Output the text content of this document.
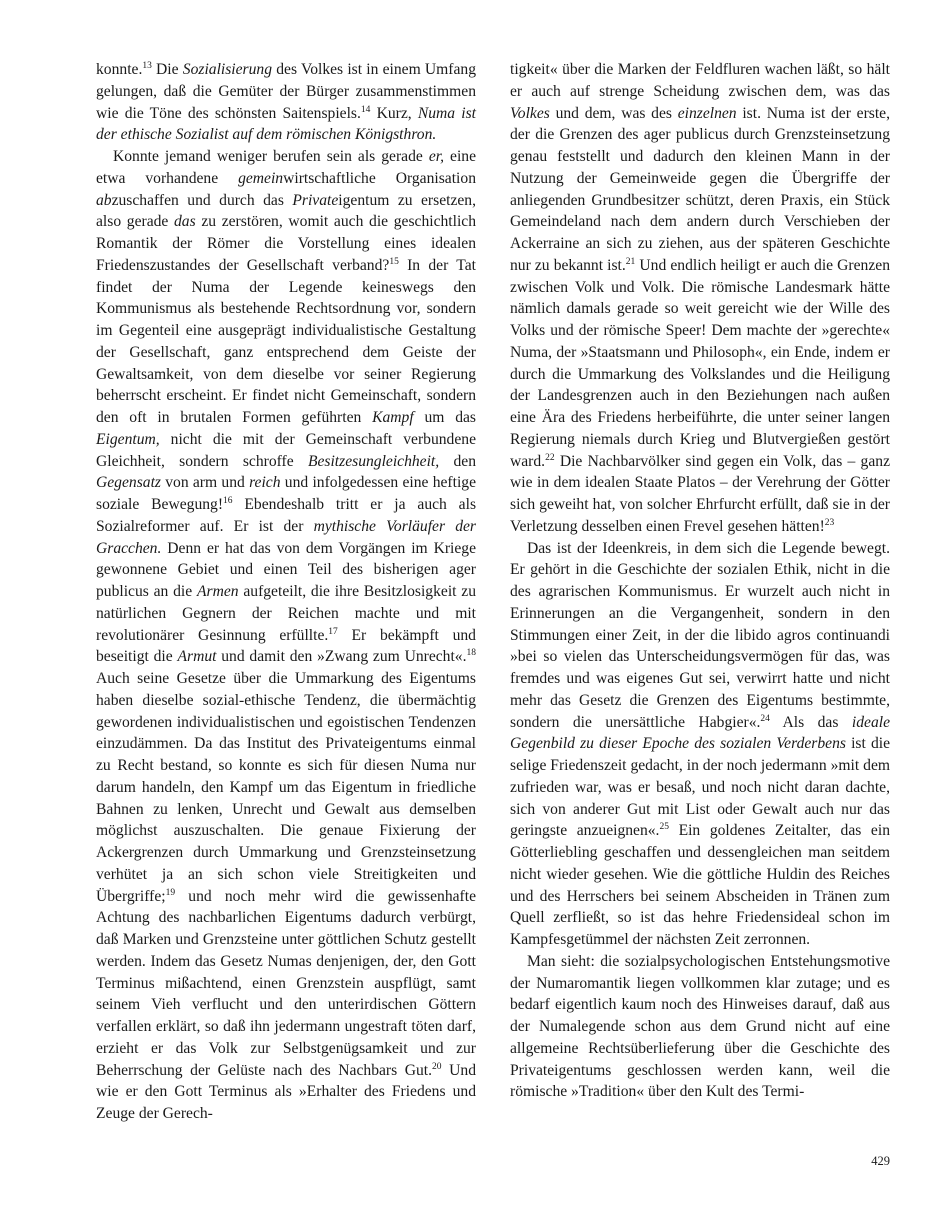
konnte.$^{13}$ Die Sozialisierung des Volkes ist in einem Umfang gelungen, daß die Gemüter der Bürger zusammenstimmen wie die Töne des schönsten Saitenspiels.$^{14}$ Kurz, Numa ist der ethische Sozialist auf dem römischen Königsthron.

Konnte jemand weniger berufen sein als gerade er, eine etwa vorhandene gemeinwirtschaftliche Organisation abzuschaffen und durch das Privateigentum zu ersetzen, also gerade das zu zerstören, womit auch die geschichtlich Romantik der Römer die Vorstellung eines idealen Friedenszustandes der Gesellschaft verband?$^{15}$ In der Tat findet der Numa der Legende keineswegs den Kommunismus als bestehende Rechtsordnung vor, sondern im Gegenteil eine ausgeprägt individualistische Gestaltung der Gesellschaft, ganz entsprechend dem Geiste der Gewaltsamkeit, von dem dieselbe vor seiner Regierung beherrscht erscheint. Er findet nicht Gemeinschaft, sondern den oft in brutalen Formen geführten Kampf um das Eigentum, nicht die mit der Gemeinschaft verbundene Gleichheit, sondern schroffe Besitzesungleichheit, den Gegensatz von arm und reich und infolgedessen eine heftige soziale Bewegung!$^{16}$ Ebendeshalb tritt er ja auch als Sozialreformer auf. Er ist der mythische Vorläufer der Gracchen. Denn er hat das von dem Vorgängen im Kriege gewonnene Gebiet und einen Teil des bisherigen ager publicus an die Armen aufgeteilt, die ihre Besitzlosigkeit zu natürlichen Gegnern der Reichen machte und mit revolutionärer Gesinnung erfüllte.$^{17}$ Er bekämpft und beseitigt die Armut und damit den »Zwang zum Unrecht«.$^{18}$ Auch seine Gesetze über die Ummarkung des Eigentums haben dieselbe sozial-ethische Tendenz, die übermächtig gewordenen individualistischen und egoistischen Tendenzen einzudämmen. Da das Institut des Privateigentums einmal zu Recht bestand, so konnte es sich für diesen Numa nur darum handeln, den Kampf um das Eigentum in friedliche Bahnen zu lenken, Unrecht und Gewalt aus demselben möglichst auszuschalten. Die genaue Fixierung der Ackergrenzen durch Ummarkung und Grenzsteinsetzung verhütet ja an sich schon viele Streitigkeiten und Übergriffe;$^{19}$ und noch mehr wird die gewissenhafte Achtung des nachbarlichen Eigentums dadurch verbürgt, daß Marken und Grenzsteine unter göttlichen Schutz gestellt werden. Indem das Gesetz Numas denjenigen, der, den Gott Terminus mißachtend, einen Grenzstein auspflügt, samt seinem Vieh verflucht und den unterirdischen Göttern verfallen erklärt, so daß ihn jedermann ungestraft töten darf, erzieht er das Volk zur Selbstgenügsamkeit und zur Beherrschung der Gelüste nach des Nachbars Gut.$^{20}$ Und wie er den Gott Terminus als »Erhalter des Friedens und Zeuge der Gerech-

tigkeit« über die Marken der Feldfluren wachen läßt, so hält er auch auf strenge Scheidung zwischen dem, was das Volkes und dem, was des einzelnen ist. Numa ist der erste, der die Grenzen des ager publicus durch Grenzsteinsetzung genau feststellt und dadurch den kleinen Mann in der Nutzung der Gemeinweide gegen die Übergriffe der anliegenden Grundbesitzer schützt, deren Praxis, ein Stück Gemeindeland nach dem andern durch Verschieben der Ackerraine an sich zu ziehen, aus der späteren Geschichte nur zu bekannt ist.$^{21}$ Und endlich heiligt er auch die Grenzen zwischen Volk und Volk. Die römische Landesmark hätte nämlich damals gerade so weit gereicht wie der Wille des Volks und der römische Speer! Dem machte der »gerechte« Numa, der »Staatsmann und Philosoph«, ein Ende, indem er durch die Ummarkung des Volkslandes und die Heiligung der Landesgrenzen auch in den Beziehungen nach außen eine Ära des Friedens herbeiführte, die unter seiner langen Regierung niemals durch Krieg und Blutvergießen gestört ward.$^{22}$ Die Nachbarvölker sind gegen ein Volk, das – ganz wie in dem idealen Staate Platos – der Verehrung der Götter sich geweiht hat, von solcher Ehrfurcht erfüllt, daß sie in der Verletzung desselben einen Frevel gesehen hätten!$^{23}$

Das ist der Ideenkreis, in dem sich die Legende bewegt. Er gehört in die Geschichte der sozialen Ethik, nicht in die des agrarischen Kommunismus. Er wurzelt auch nicht in Erinnerungen an die Vergangenheit, sondern in den Stimmungen einer Zeit, in der die libido agros continuandi »bei so vielen das Unterscheidungsvermögen für das, was fremdes und was eigenes Gut sei, verwirrt hatte und nicht mehr das Gesetz die Grenzen des Eigentums bestimmte, sondern die unersättliche Habgier«.$^{24}$ Als das ideale Gegenbild zu dieser Epoche des sozialen Verderbens ist die selige Friedenszeit gedacht, in der noch jedermann »mit dem zufrieden war, was er besaß, und noch nicht daran dachte, sich von anderer Gut mit List oder Gewalt auch nur das geringste anzueignen«.$^{25}$ Ein goldenes Zeitalter, das ein Götterliebling geschaffen und dessengleichen man seitdem nicht wieder gesehen. Wie die göttliche Huldin des Reiches und des Herrschers bei seinem Abscheiden in Tränen zum Quell zerfließt, so ist das hehre Friedensideal schon im Kampfesgetümmel der nächsten Zeit zerronnen.

Man sieht: die sozialpsychologischen Entstehungsmotive der Numaromantik liegen vollkommen klar zutage; und es bedarf eigentlich kaum noch des Hinweises darauf, daß aus der Numalegende schon aus dem Grund nicht auf eine allgemeine Rechtsüberlieferung über die Geschichte des Privateigentums geschlossen werden kann, weil die römische »Tradition« über den Kult des Termi-

429
